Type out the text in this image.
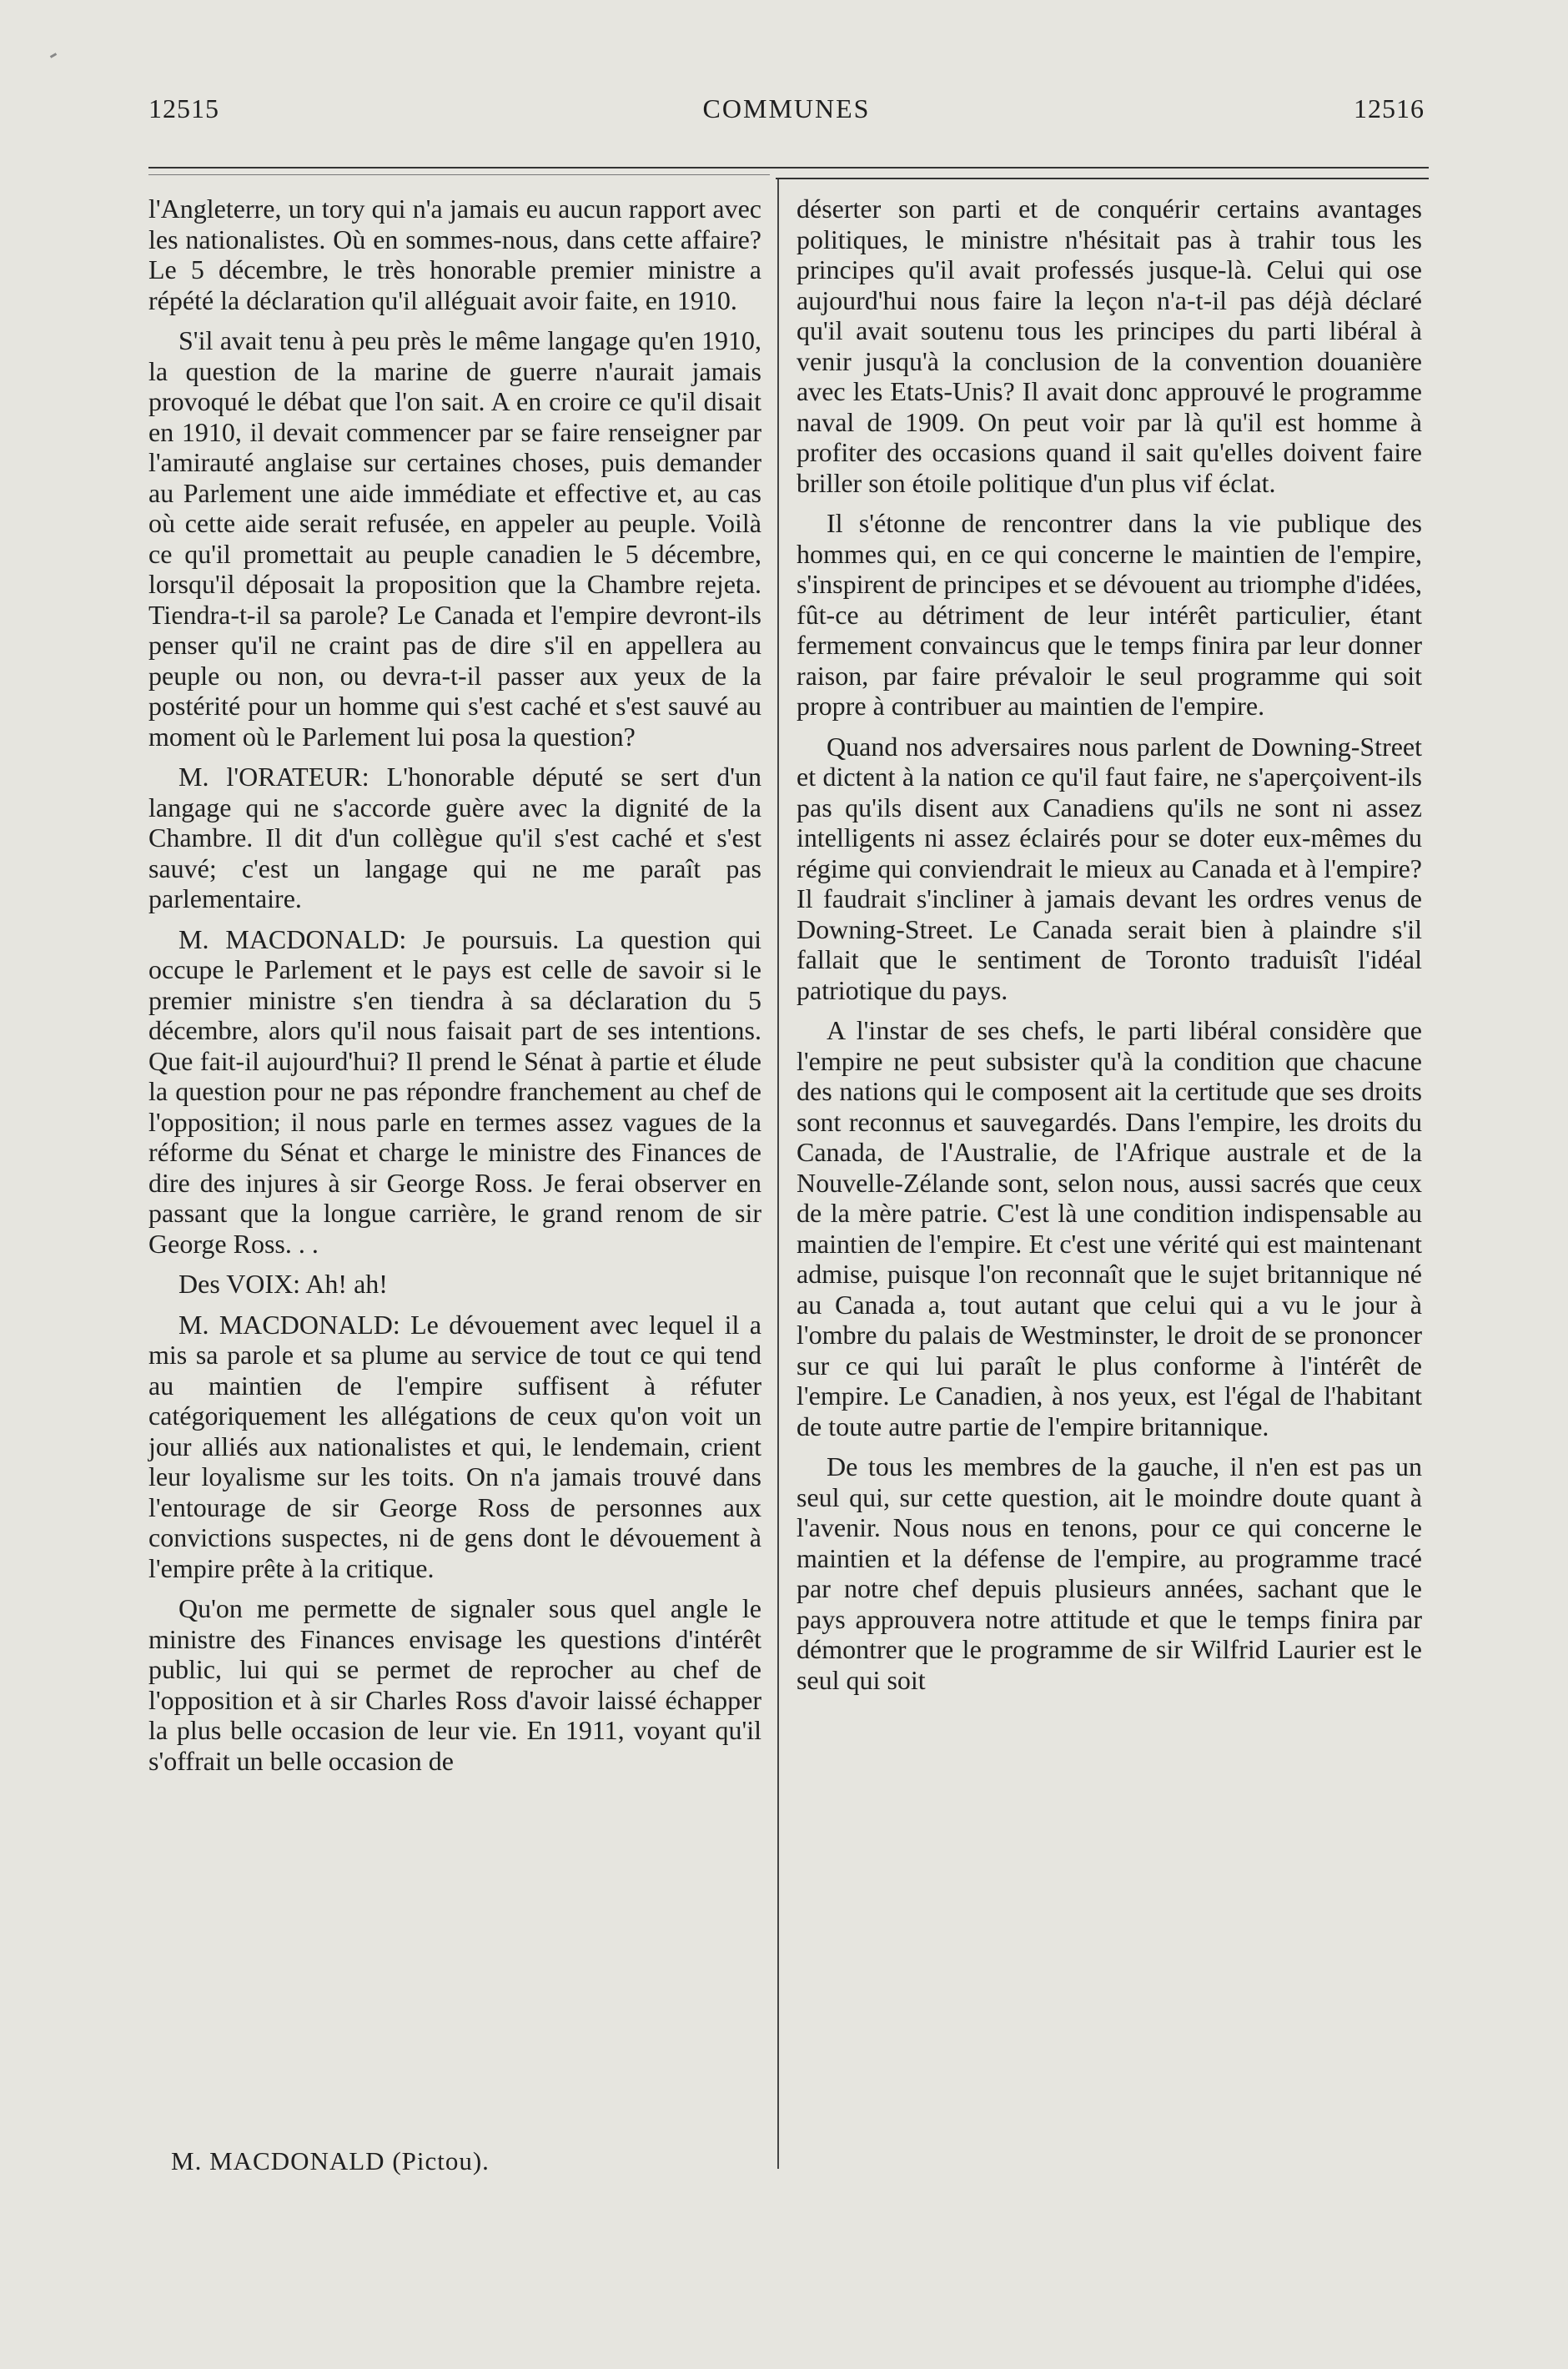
12515	COMMUNES	12516

l'Angleterre, un tory qui n'a jamais eu aucun rapport avec les nationalistes. Où en sommes-nous, dans cette affaire? Le 5 décembre, le très honorable premier ministre a répété la déclaration qu'il alléguait avoir faite, en 1910.

S'il avait tenu à peu près le même langage qu'en 1910, la question de la marine de guerre n'aurait jamais provoqué le débat que l'on sait. A en croire ce qu'il disait en 1910, il devait commencer par se faire renseigner par l'amirauté anglaise sur certaines choses, puis demander au Parlement une aide immédiate et effective et, au cas où cette aide serait refusée, en appeler au peuple. Voilà ce qu'il promettait au peuple canadien le 5 décembre, lorsqu'il déposait la proposition que la Chambre rejeta. Tiendra-t-il sa parole? Le Canada et l'empire devront-ils penser qu'il ne craint pas de dire s'il en appellera au peuple ou non, ou devra-t-il passer aux yeux de la postérité pour un homme qui s'est caché et s'est sauvé au moment où le Parlement lui posa la question?

M. l'ORATEUR: L'honorable député se sert d'un langage qui ne s'accorde guère avec la dignité de la Chambre. Il dit d'un collègue qu'il s'est caché et s'est sauvé; c'est un langage qui ne me paraît pas parlementaire.

M. MACDONALD: Je poursuis. La question qui occupe le Parlement et le pays est celle de savoir si le premier ministre s'en tiendra à sa déclaration du 5 décembre, alors qu'il nous faisait part de ses intentions. Que fait-il aujourd'hui? Il prend le Sénat à partie et élude la question pour ne pas répondre franchement au chef de l'opposition; il nous parle en termes assez vagues de la réforme du Sénat et charge le ministre des Finances de dire des injures à sir George Ross. Je ferai observer en passant que la longue carrière, le grand renom de sir George Ross. . .

Des VOIX: Ah! ah!

M. MACDONALD: Le dévouement avec lequel il a mis sa parole et sa plume au service de tout ce qui tend au maintien de l'empire suffisent à réfuter catégoriquement les allégations de ceux qu'on voit un jour alliés aux nationalistes et qui, le lendemain, crient leur loyalisme sur les toits. On n'a jamais trouvé dans l'entourage de sir George Ross de personnes aux convictions suspectes, ni de gens dont le dévouement à l'empire prête à la critique.

Qu'on me permette de signaler sous quel angle le ministre des Finances envisage les questions d'intérêt public, lui qui se permet de reprocher au chef de l'opposition et à sir Charles Ross d'avoir laissé échapper la plus belle occasion de leur vie. En 1911, voyant qu'il s'offrait un belle occasion de

déserter son parti et de conquérir certains avantages politiques, le ministre n'hésitait pas à trahir tous les principes qu'il avait professés jusque-là. Celui qui ose aujourd'hui nous faire la leçon n'a-t-il pas déjà déclaré qu'il avait soutenu tous les principes du parti libéral à venir jusqu'à la conclusion de la convention douanière avec les Etats-Unis? Il avait donc approuvé le programme naval de 1909. On peut voir par là qu'il est homme à profiter des occasions quand il sait qu'elles doivent faire briller son étoile politique d'un plus vif éclat.

Il s'étonne de rencontrer dans la vie publique des hommes qui, en ce qui concerne le maintien de l'empire, s'inspirent de principes et se dévouent au triomphe d'idées, fût-ce au détriment de leur intérêt particulier, étant fermement convaincus que le temps finira par leur donner raison, par faire prévaloir le seul programme qui soit propre à contribuer au maintien de l'empire.

Quand nos adversaires nous parlent de Downing-Street et dictent à la nation ce qu'il faut faire, ne s'aperçoivent-ils pas qu'ils disent aux Canadiens qu'ils ne sont ni assez intelligents ni assez éclairés pour se doter eux-mêmes du régime qui conviendrait le mieux au Canada et à l'empire? Il faudrait s'incliner à jamais devant les ordres venus de Downing-Street. Le Canada serait bien à plaindre s'il fallait que le sentiment de Toronto traduisît l'idéal patriotique du pays.

A l'instar de ses chefs, le parti libéral considère que l'empire ne peut subsister qu'à la condition que chacune des nations qui le composent ait la certitude que ses droits sont reconnus et sauvegardés. Dans l'empire, les droits du Canada, de l'Australie, de l'Afrique australe et de la Nouvelle-Zélande sont, selon nous, aussi sacrés que ceux de la mère patrie. C'est là une condition indispensable au maintien de l'empire. Et c'est une vérité qui est maintenant admise, puisque l'on reconnaît que le sujet britannique né au Canada a, tout autant que celui qui a vu le jour à l'ombre du palais de Westminster, le droit de se prononcer sur ce qui lui paraît le plus conforme à l'intérêt de l'empire. Le Canadien, à nos yeux, est l'égal de l'habitant de toute autre partie de l'empire britannique.

De tous les membres de la gauche, il n'en est pas un seul qui, sur cette question, ait le moindre doute quant à l'avenir. Nous nous en tenons, pour ce qui concerne le maintien et la défense de l'empire, au programme tracé par notre chef depuis plusieurs années, sachant que le pays approuvera notre attitude et que le temps finira par démontrer que le programme de sir Wilfrid Laurier est le seul qui soit

M. MACDONALD (Pictou).
